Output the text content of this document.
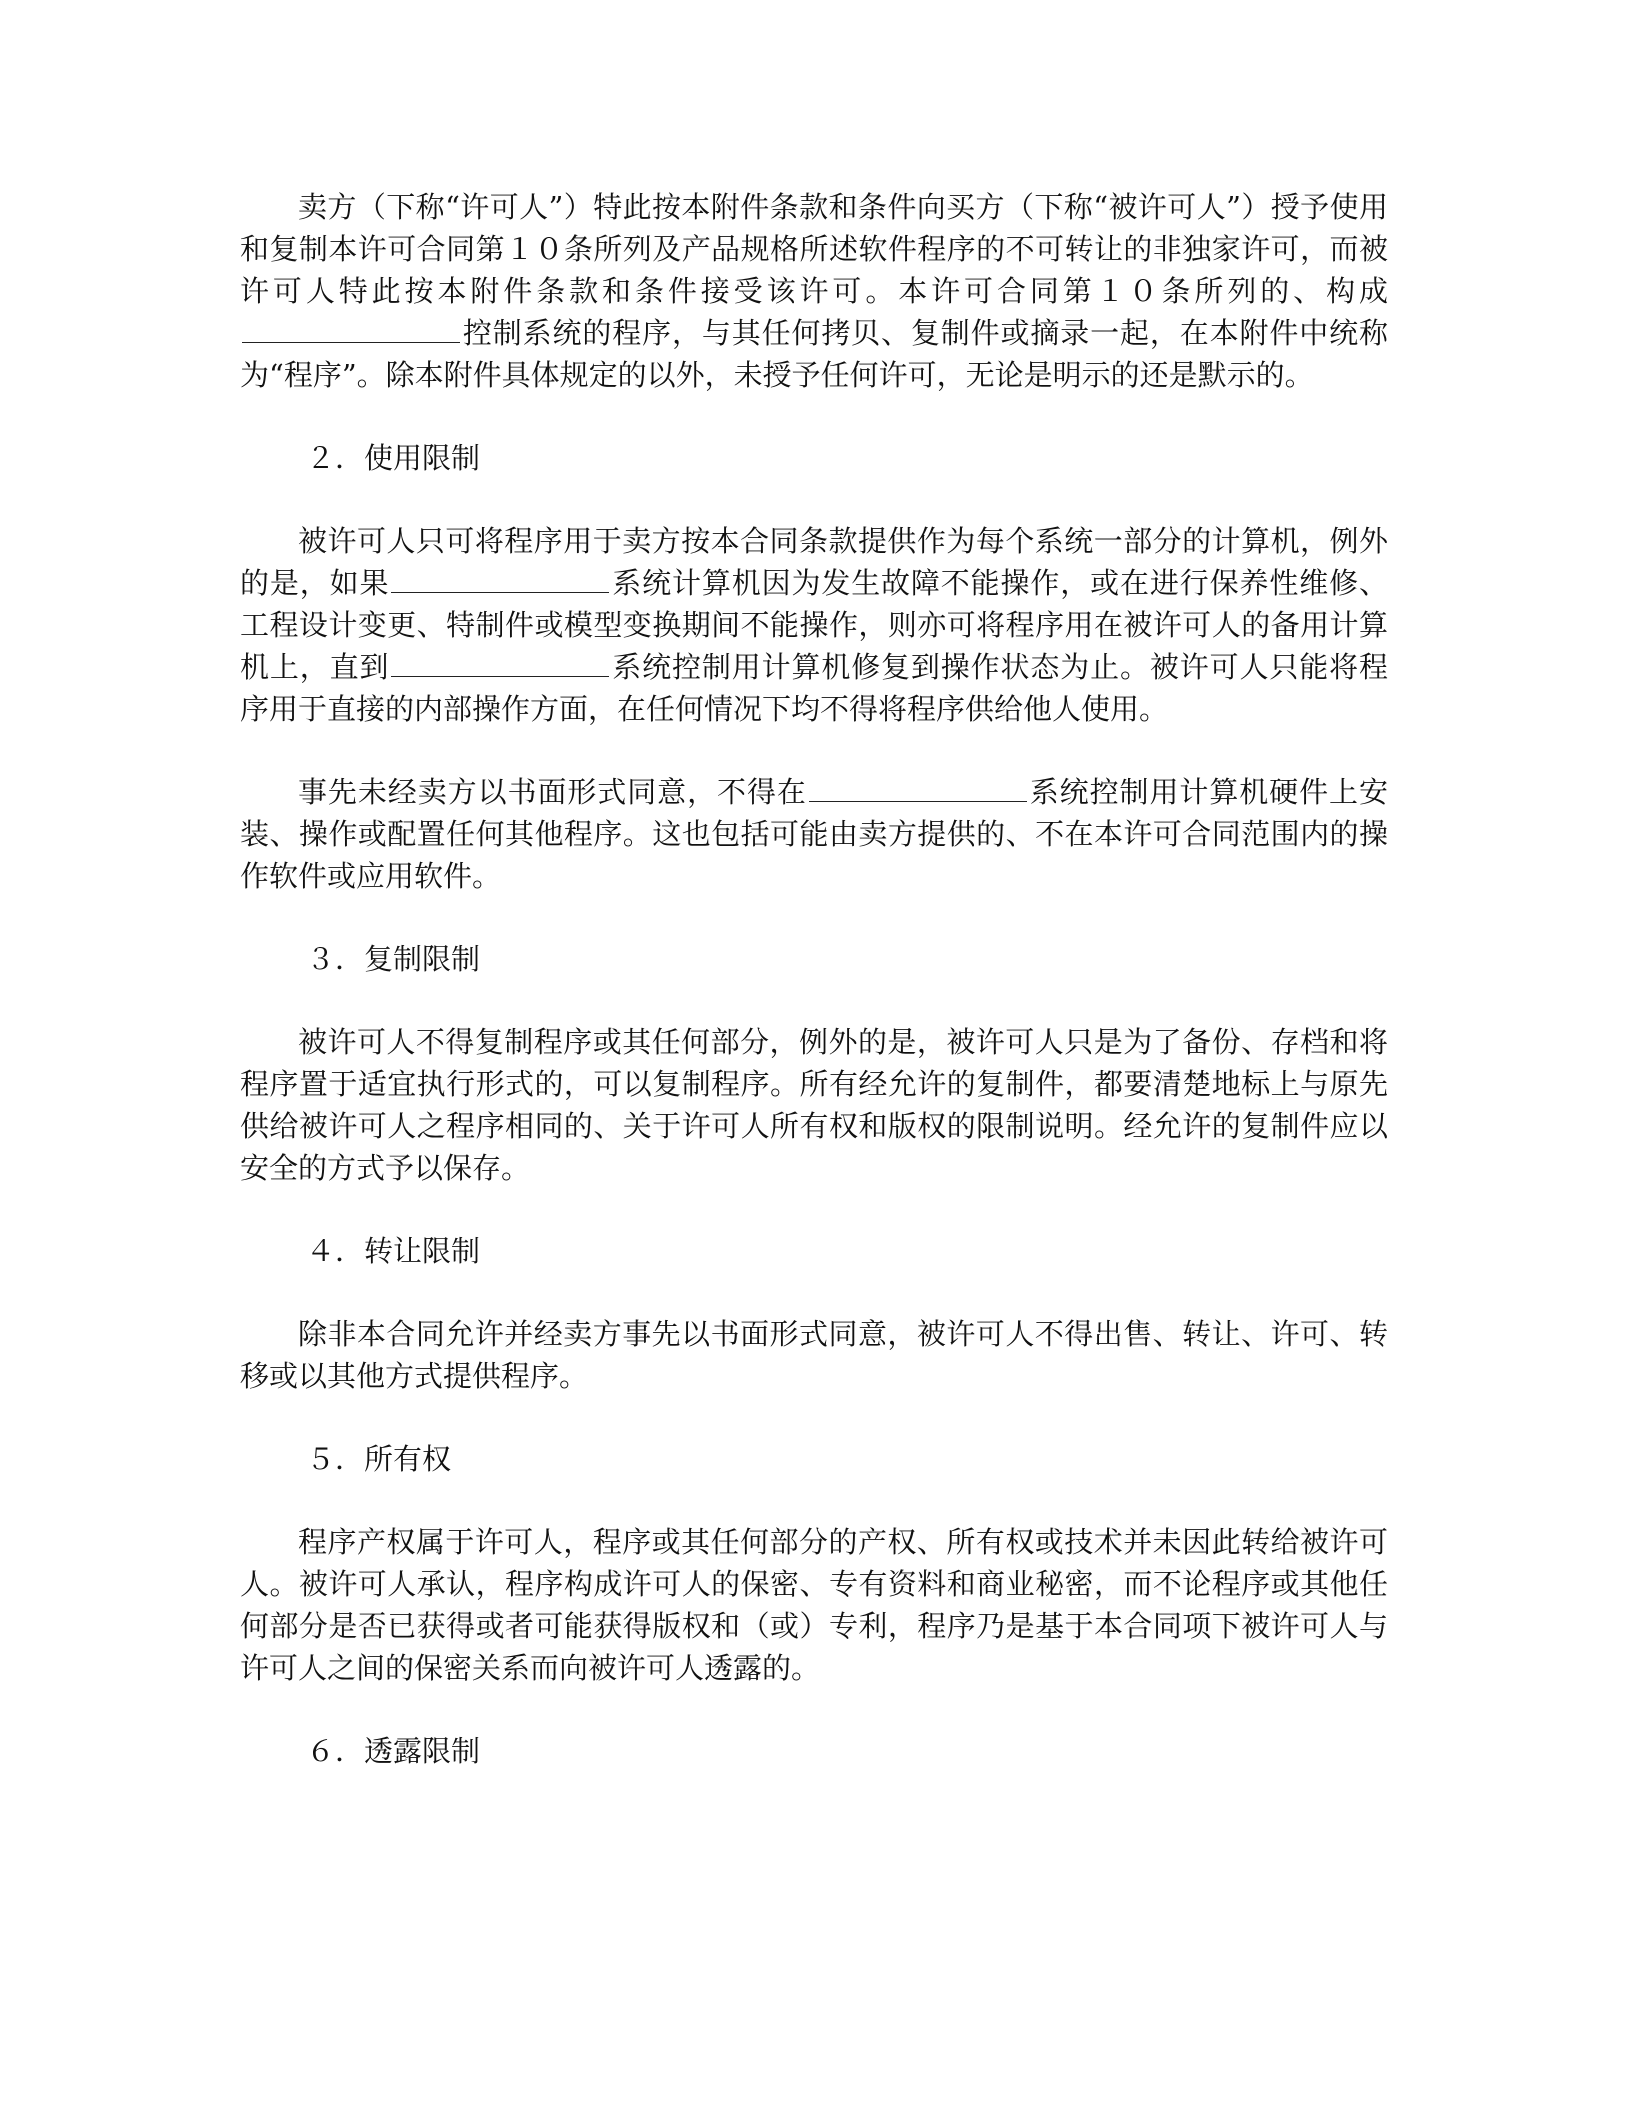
卖方（下称“许可人”）特此按本附件条款和条件向买方（下称“被许可人”）授予使用和复制本许可合同第１０条所列及产品规格所述软件程序的不可转让的非独家许可，而被许可人特此按本附件条款和条件接受该许可。本许可合同第１０条所列的、构成控制系统的程序，与其任何拷贝、复制件或摘录一起，在本附件中统称为“程序”。除本附件具体规定的以外，未授予任何许可，无论是明示的还是默示的。

２．使用限制

被许可人只可将程序用于卖方按本合同条款提供作为每个系统一部分的计算机，例外的是，如果	系统计算机因为发生故障不能操作，或在进行保养性维修、工程设计变更、特制件或模型变换期间不能操作，则亦可将程序用在被许可人的备用计算机上，直到	系统控制用计算机修复到操作状态为止。被许可人只能将程序用于直接的内部操作方面，在任何情况下均不得将程序供给他人使用。

事先未经卖方以书面形式同意，不得在	系统控制用计算机硬件上安装、操作或配置任何其他程序。这也包括可能由卖方提供的、不在本许可合同范围内的操作软件或应用软件。

３．复制限制

被许可人不得复制程序或其任何部分，例外的是，被许可人只是为了备份、存档和将程序置于适宜执行形式的，可以复制程序。所有经允许的复制件，都要清楚地标上与原先供给被许可人之程序相同的、关于许可人所有权和版权的限制说明。经允许的复制件应以安全的方式予以保存。

４．转让限制

除非本合同允许并经卖方事先以书面形式同意，被许可人不得出售、转让、许可、转移或以其他方式提供程序。

５．所有权

程序产权属于许可人，程序或其任何部分的产权、所有权或技术并未因此转给被许可人。被许可人承认，程序构成许可人的保密、专有资料和商业秘密，而不论程序或其他任何部分是否已获得或者可能获得版权和（或）专利，程序乃是基于本合同项下被许可人与许可人之间的保密关系而向被许可人透露的。

６．透露限制
